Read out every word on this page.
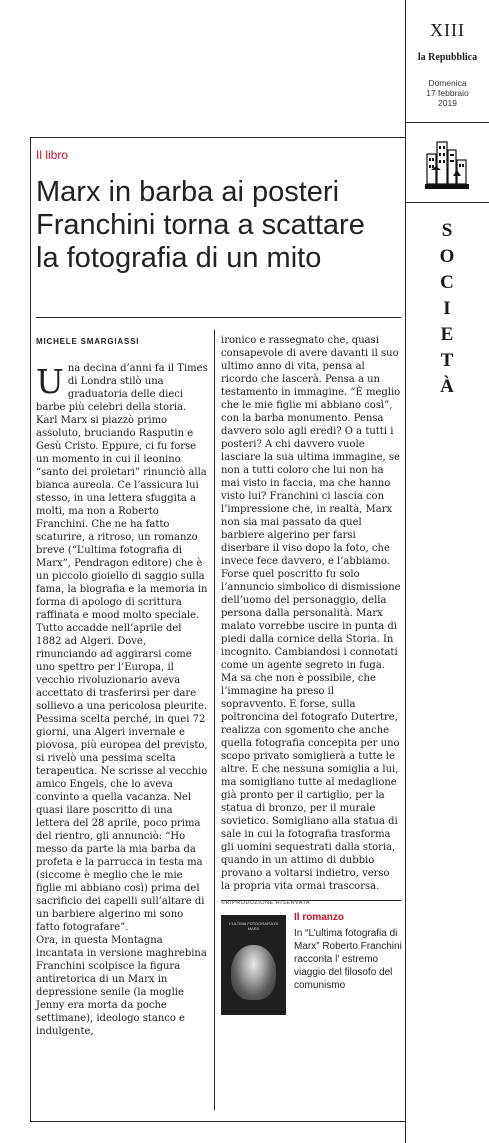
XIII
la Repubblica
Domenica
17 febbraio
2019
S
O
C
I
E
T
À
Il libro
Marx in barba ai posteri
Franchini torna a scattare
la fotografia di un mito
MICHELE SMARGIASSI

U na decina d’anni fa il Times di Londra stilò una graduatoria delle dieci barbe più celebri della storia. Karl Marx si piazzò primo assoluto, bruciando Rasputin e Gesù Cristo. Eppure, ci fu forse un momento in cui il leonino “santo dei proletari” rinunciò alla bianca aureola. Ce l’assicura lui stesso, in una lettera sfuggita a molti, ma non a Roberto Franchini. Che ne ha fatto scaturire, a ritroso, un romanzo breve (“L’ultima fotografia di Marx”, Pendragon editore) che è un piccolo gioiello di saggio sulla fama, la biografia e la memoria in forma di apologo di scrittura raffinata e mood molto speciale. Tutto accadde nell’aprile del 1882 ad Algeri. Dove, rinunciando ad aggirarsi come uno spettro per l’Europa, il vecchio rivoluzionario aveva accettato di trasferirsi per dare sollievo a una pericolosa pleurite. Pessima scelta perché, in quei 72 giorni, una Algeri invernale e piovosa, più europea del previsto, si rivelò una pessima scelta terapeutica. Ne scrisse al vecchio amico Engels, che lo aveva convinto a quella vacanza. Nel quasi ilare poscritto di una lettera del 28 aprile, poco prima del rientro, gli annunciò: “Ho messo da parte la mia barba da profeta e la parrucca in testa ma (siccome è meglio che le mie figlie mi abbiano così) prima del sacrificio dei capelli sull’altare di un barbiere algerino mi sono fatto fotografare”.

Ora, in questa Montagna incantata in versione maghrebina Franchini scolpisce la figura antiretorica di un Marx in depressione senile (la moglie Jenny era morta da poche settimane), ideologo stanco e indulgente,

ironico e rassegnato che, quasi consapevole di avere davanti il suo ultimo anno di vita, pensa al ricordo che lascerà. Pensa a un testamento in immagine. “È meglio che le mie figlie mi abbiano così”, con la barba monumento. Pensa davvero solo agli eredi? O a tutti i posteri? A chi davvero vuole lasciare la sua ultima immagine, se non a tutti coloro che lui non ha mai visto in faccia, ma che hanno visto lui? Franchini ci lascia con l’impressione che, in realtà, Marx non sia mai passato da quel barbiere algerino per farsi diserbare il viso dopo la foto, che invece fece davvero, e l’abbiamo. Forse quel poscritto fu solo l’annuncio simbolico di dismissione dell’uomo del personaggio, della persona dalla personalità. Marx malato vorrebbe uscire in punta di piedi dalla cornice della Storia. In incognito. Cambiandosi i connotati come un agente segreto in fuga. Ma sa che non è possibile, che l’immagine ha preso il sopravvento. E forse, sulla poltroncina del fotografo Dutertre, realizza con sgomento che anche quella fotografia concepita per uno scopo privato somiglierà a tutte le altre. E che nessuna somiglia a lui, ma somigliano tutte al medaglione già pronto per il cartiglio, per la statua di bronzo, per il murale sovietico. Somigliano alla statua di sale in cui la fotografia trasforma gli uomini sequestrati dalla storia, quando in un attimo di dubbio provano a voltarsi indietro, verso la propria vita ormai trascorsa.

©RIPRODUZIONE RISERVATA
L'ULTIMA FOTOGRAFIA DI MARX
Il romanzo
In “L’ultima fotografia di Marx” Roberto Franchini racconta l’ estremo viaggio del filosofo del comunismo
